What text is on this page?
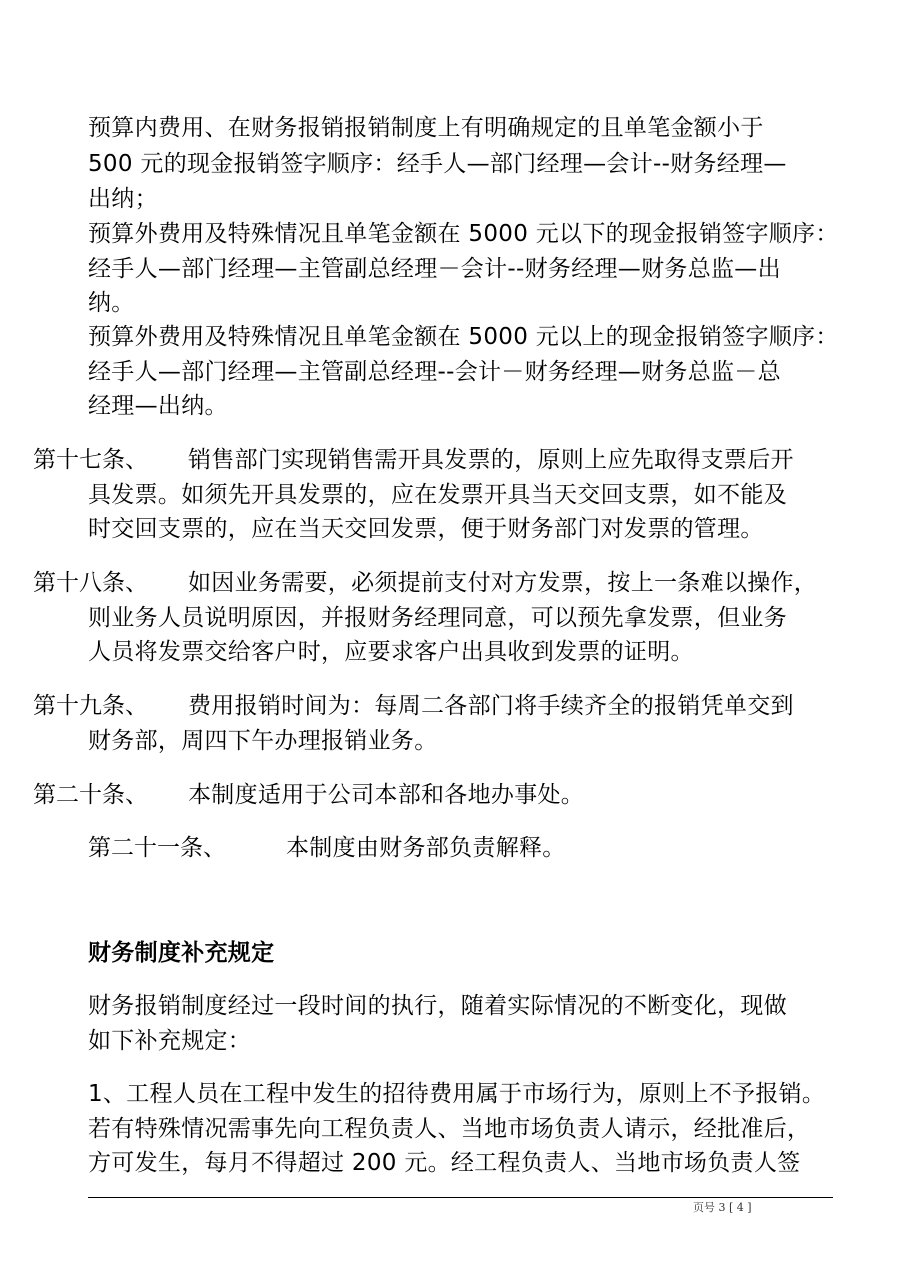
预算内费用、在财务报销报销制度上有明确规定的且单笔金额小于
500 元的现金报销签字顺序：经手人—部门经理—会计--财务经理—
出纳；
预算外费用及特殊情况且单笔金额在 5000 元以下的现金报销签字顺序：
经手人—部门经理—主管副总经理－会计--财务经理—财务总监—出
纳。
预算外费用及特殊情况且单笔金额在 5000 元以上的现金报销签字顺序：
经手人—部门经理—主管副总经理--会计－财务经理—财务总监－总
经理—出纳。
第十七条、 销售部门实现销售需开具发票的，原则上应先取得支票后开
具发票。如须先开具发票的，应在发票开具当天交回支票，如不能及
时交回支票的，应在当天交回发票，便于财务部门对发票的管理。
第十八条、 如因业务需要，必须提前支付对方发票，按上一条难以操作，
则业务人员说明原因，并报财务经理同意，可以预先拿发票，但业务
人员将发票交给客户时，应要求客户出具收到发票的证明。
第十九条、 费用报销时间为：每周二各部门将手续齐全的报销凭单交到
财务部，周四下午办理报销业务。
第二十条、 本制度适用于公司本部和各地办事处。
第二十一条、	本制度由财务部负责解释。
财务制度补充规定
财务报销制度经过一段时间的执行，随着实际情况的不断变化，现做
如下补充规定：
1、工程人员在工程中发生的招待费用属于市场行为，原则上不予报销。
若有特殊情况需事先向工程负责人、当地市场负责人请示，经批准后，
方可发生，每月不得超过 200 元。经工程负责人、当地市场负责人签
页号 3 [ 4 ]
